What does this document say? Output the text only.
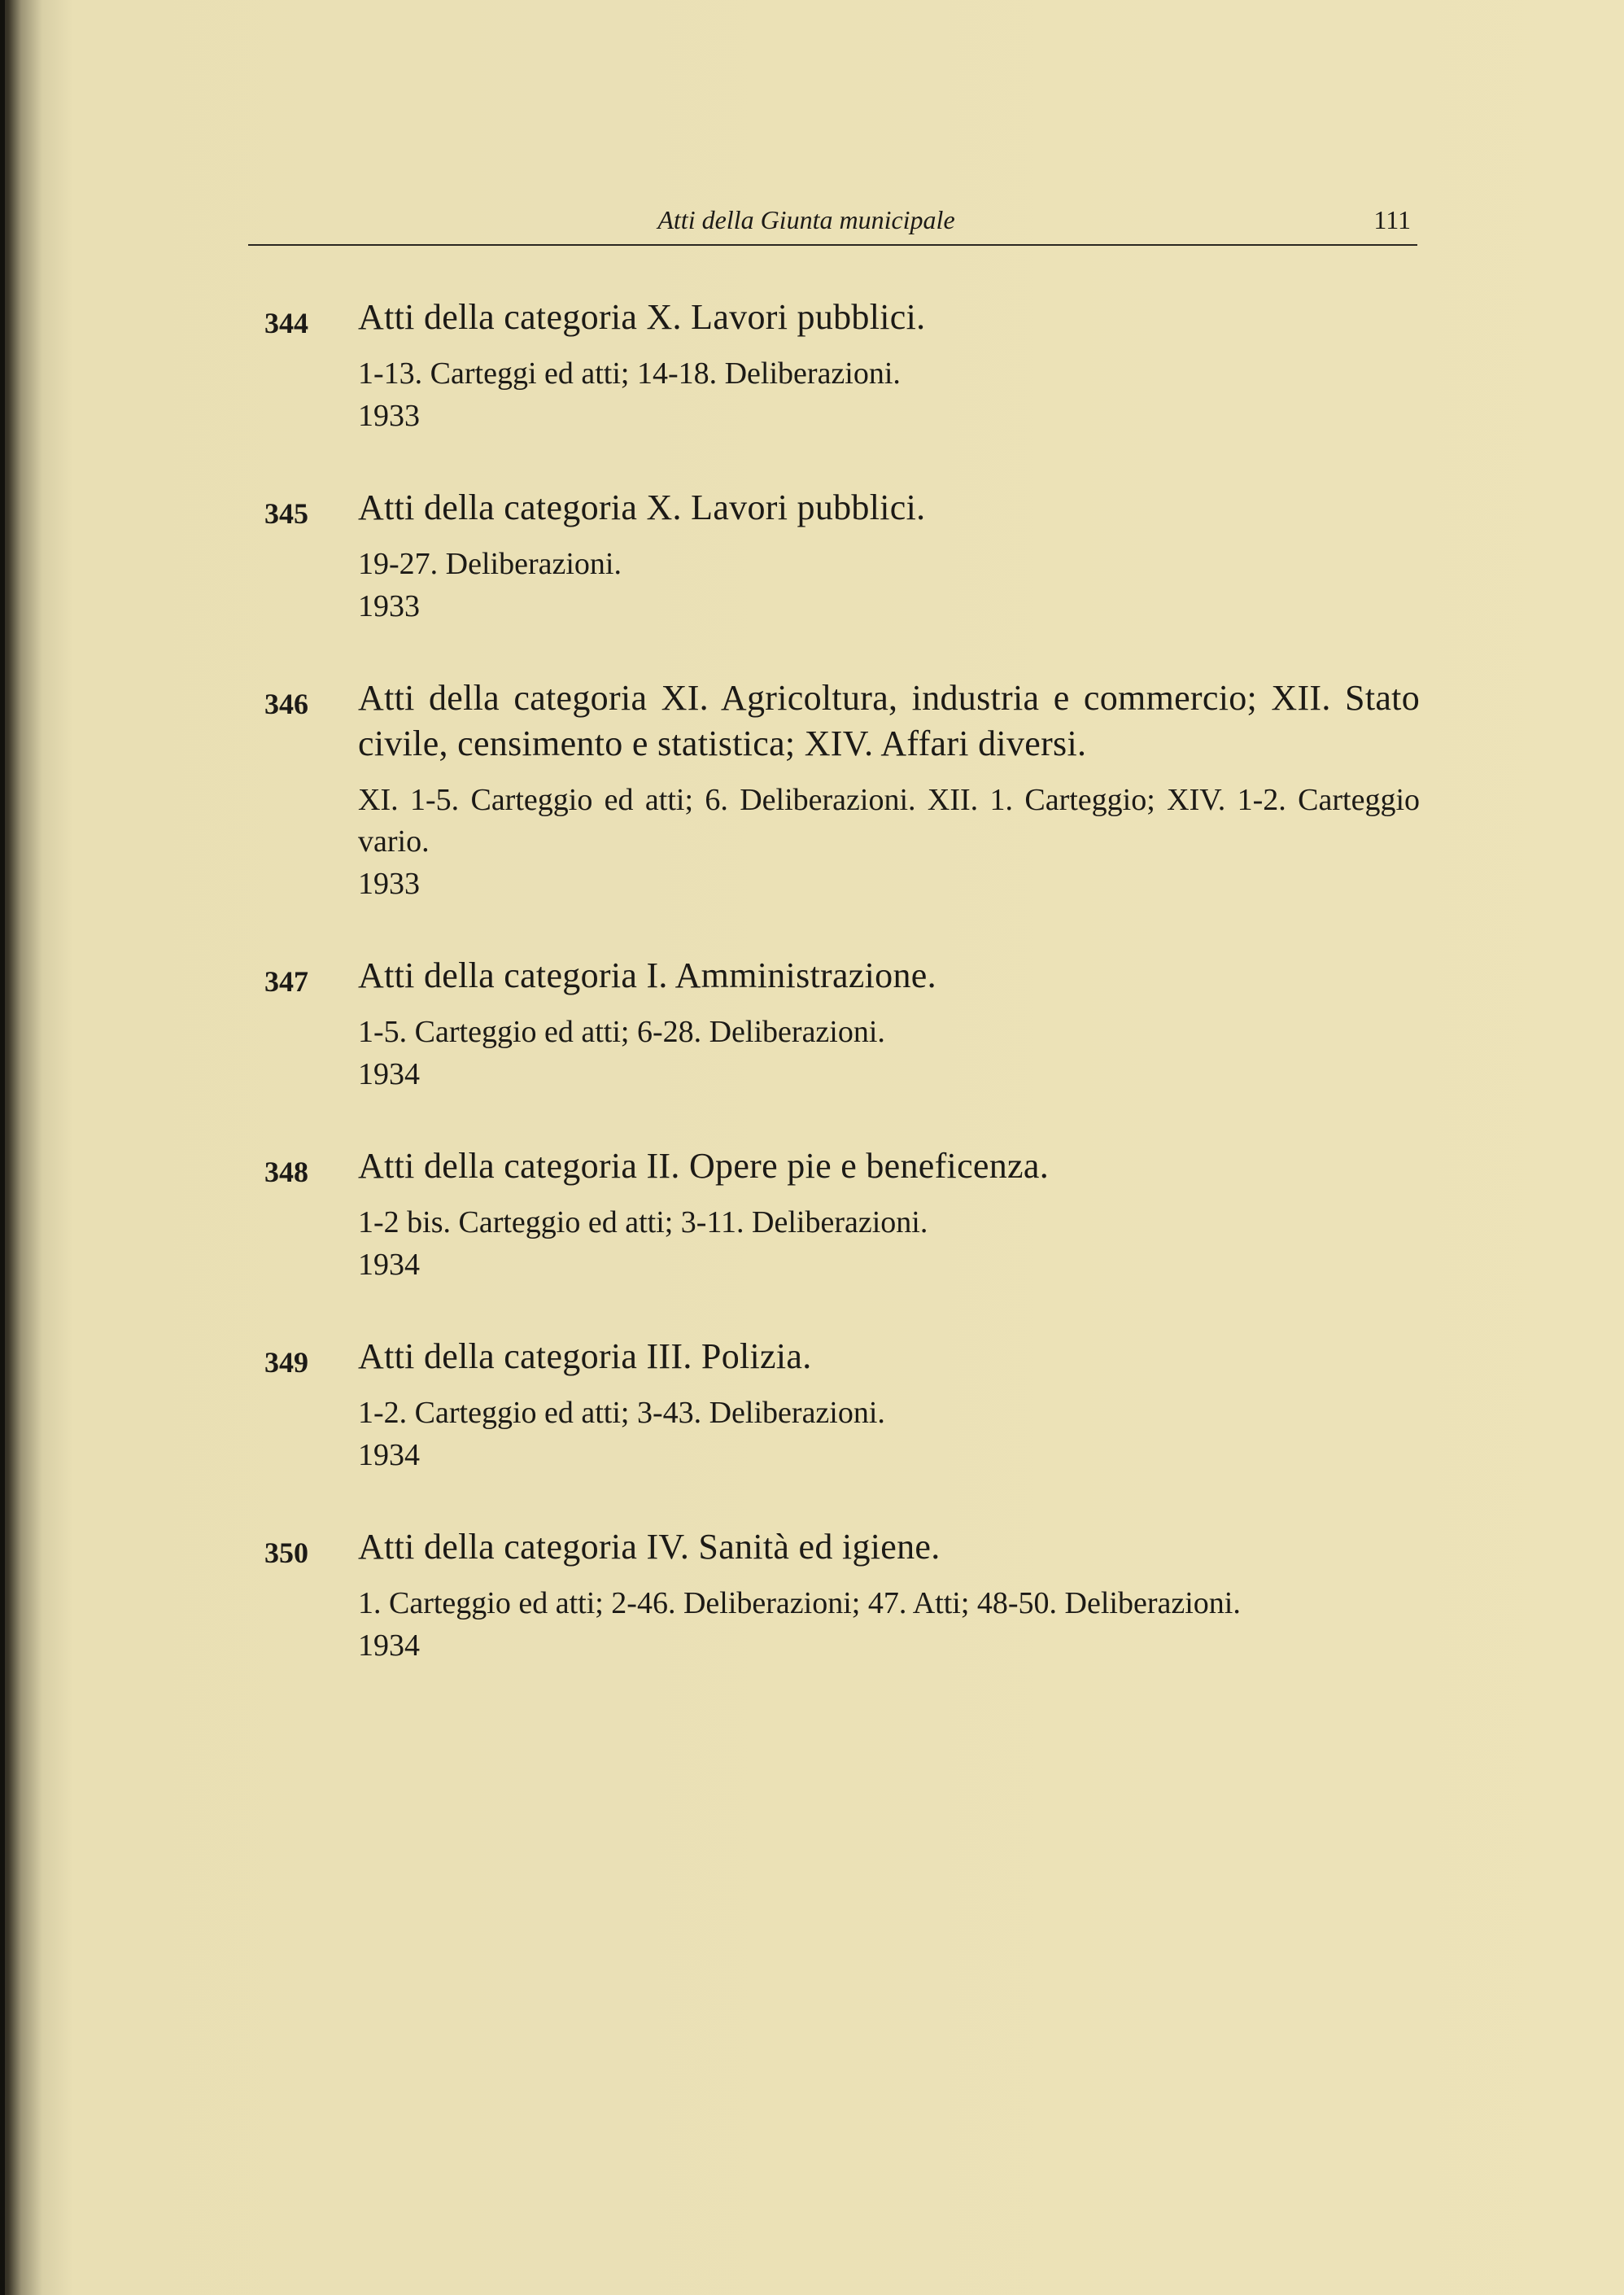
Atti della Giunta municipale	111
344 Atti della categoria X. Lavori pubblici.
1-13. Carteggi ed atti; 14-18. Deliberazioni.
1933
345 Atti della categoria X. Lavori pubblici.
19-27. Deliberazioni.
1933
346 Atti della categoria XI. Agricoltura, industria e commercio; XII. Stato civile, censimento e statistica; XIV. Affari diversi.
XI. 1-5. Carteggio ed atti; 6. Deliberazioni. XII. 1. Carteggio; XIV. 1-2. Carteggio vario.
1933
347 Atti della categoria I. Amministrazione.
1-5. Carteggio ed atti; 6-28. Deliberazioni.
1934
348 Atti della categoria II. Opere pie e beneficenza.
1-2 bis. Carteggio ed atti; 3-11. Deliberazioni.
1934
349 Atti della categoria III. Polizia.
1-2. Carteggio ed atti; 3-43. Deliberazioni.
1934
350 Atti della categoria IV. Sanità ed igiene.
1. Carteggio ed atti; 2-46. Deliberazioni; 47. Atti; 48-50. Deliberazioni.
1934
